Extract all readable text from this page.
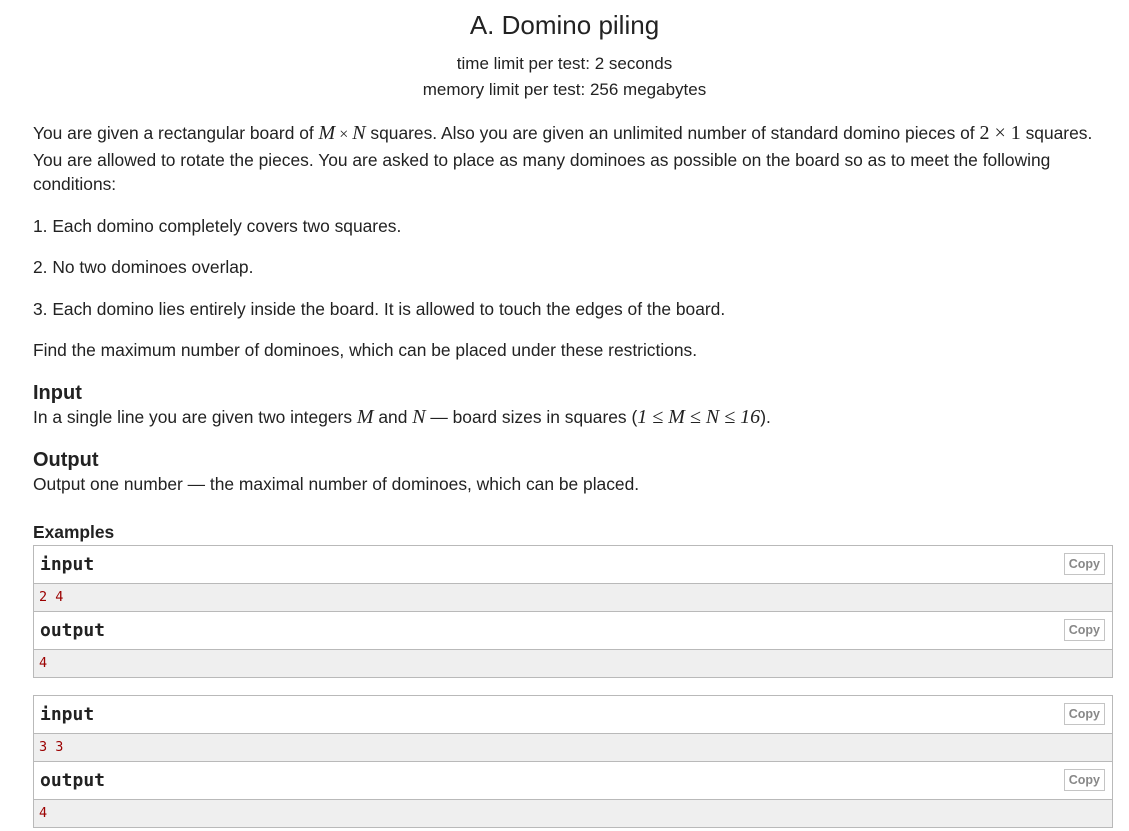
A. Domino piling
time limit per test: 2 seconds
memory limit per test: 256 megabytes

You are given a rectangular board of M × N squares. Also you are given an unlimited number of standard domino pieces of 2 × 1 squares. You are allowed to rotate the pieces. You are asked to place as many dominoes as possible on the board so as to meet the following conditions:

1. Each domino completely covers two squares.

2. No two dominoes overlap.

3. Each domino lies entirely inside the board. It is allowed to touch the edges of the board.

Find the maximum number of dominoes, which can be placed under these restrictions.

Input
In a single line you are given two integers M and N — board sizes in squares (1 ≤ M ≤ N ≤ 16).
Output
Output one number — the maximal number of dominoes, which can be placed.
Examples
input	Copy
2 4
output	Copy
4
input	Copy
3 3
output	Copy
4
